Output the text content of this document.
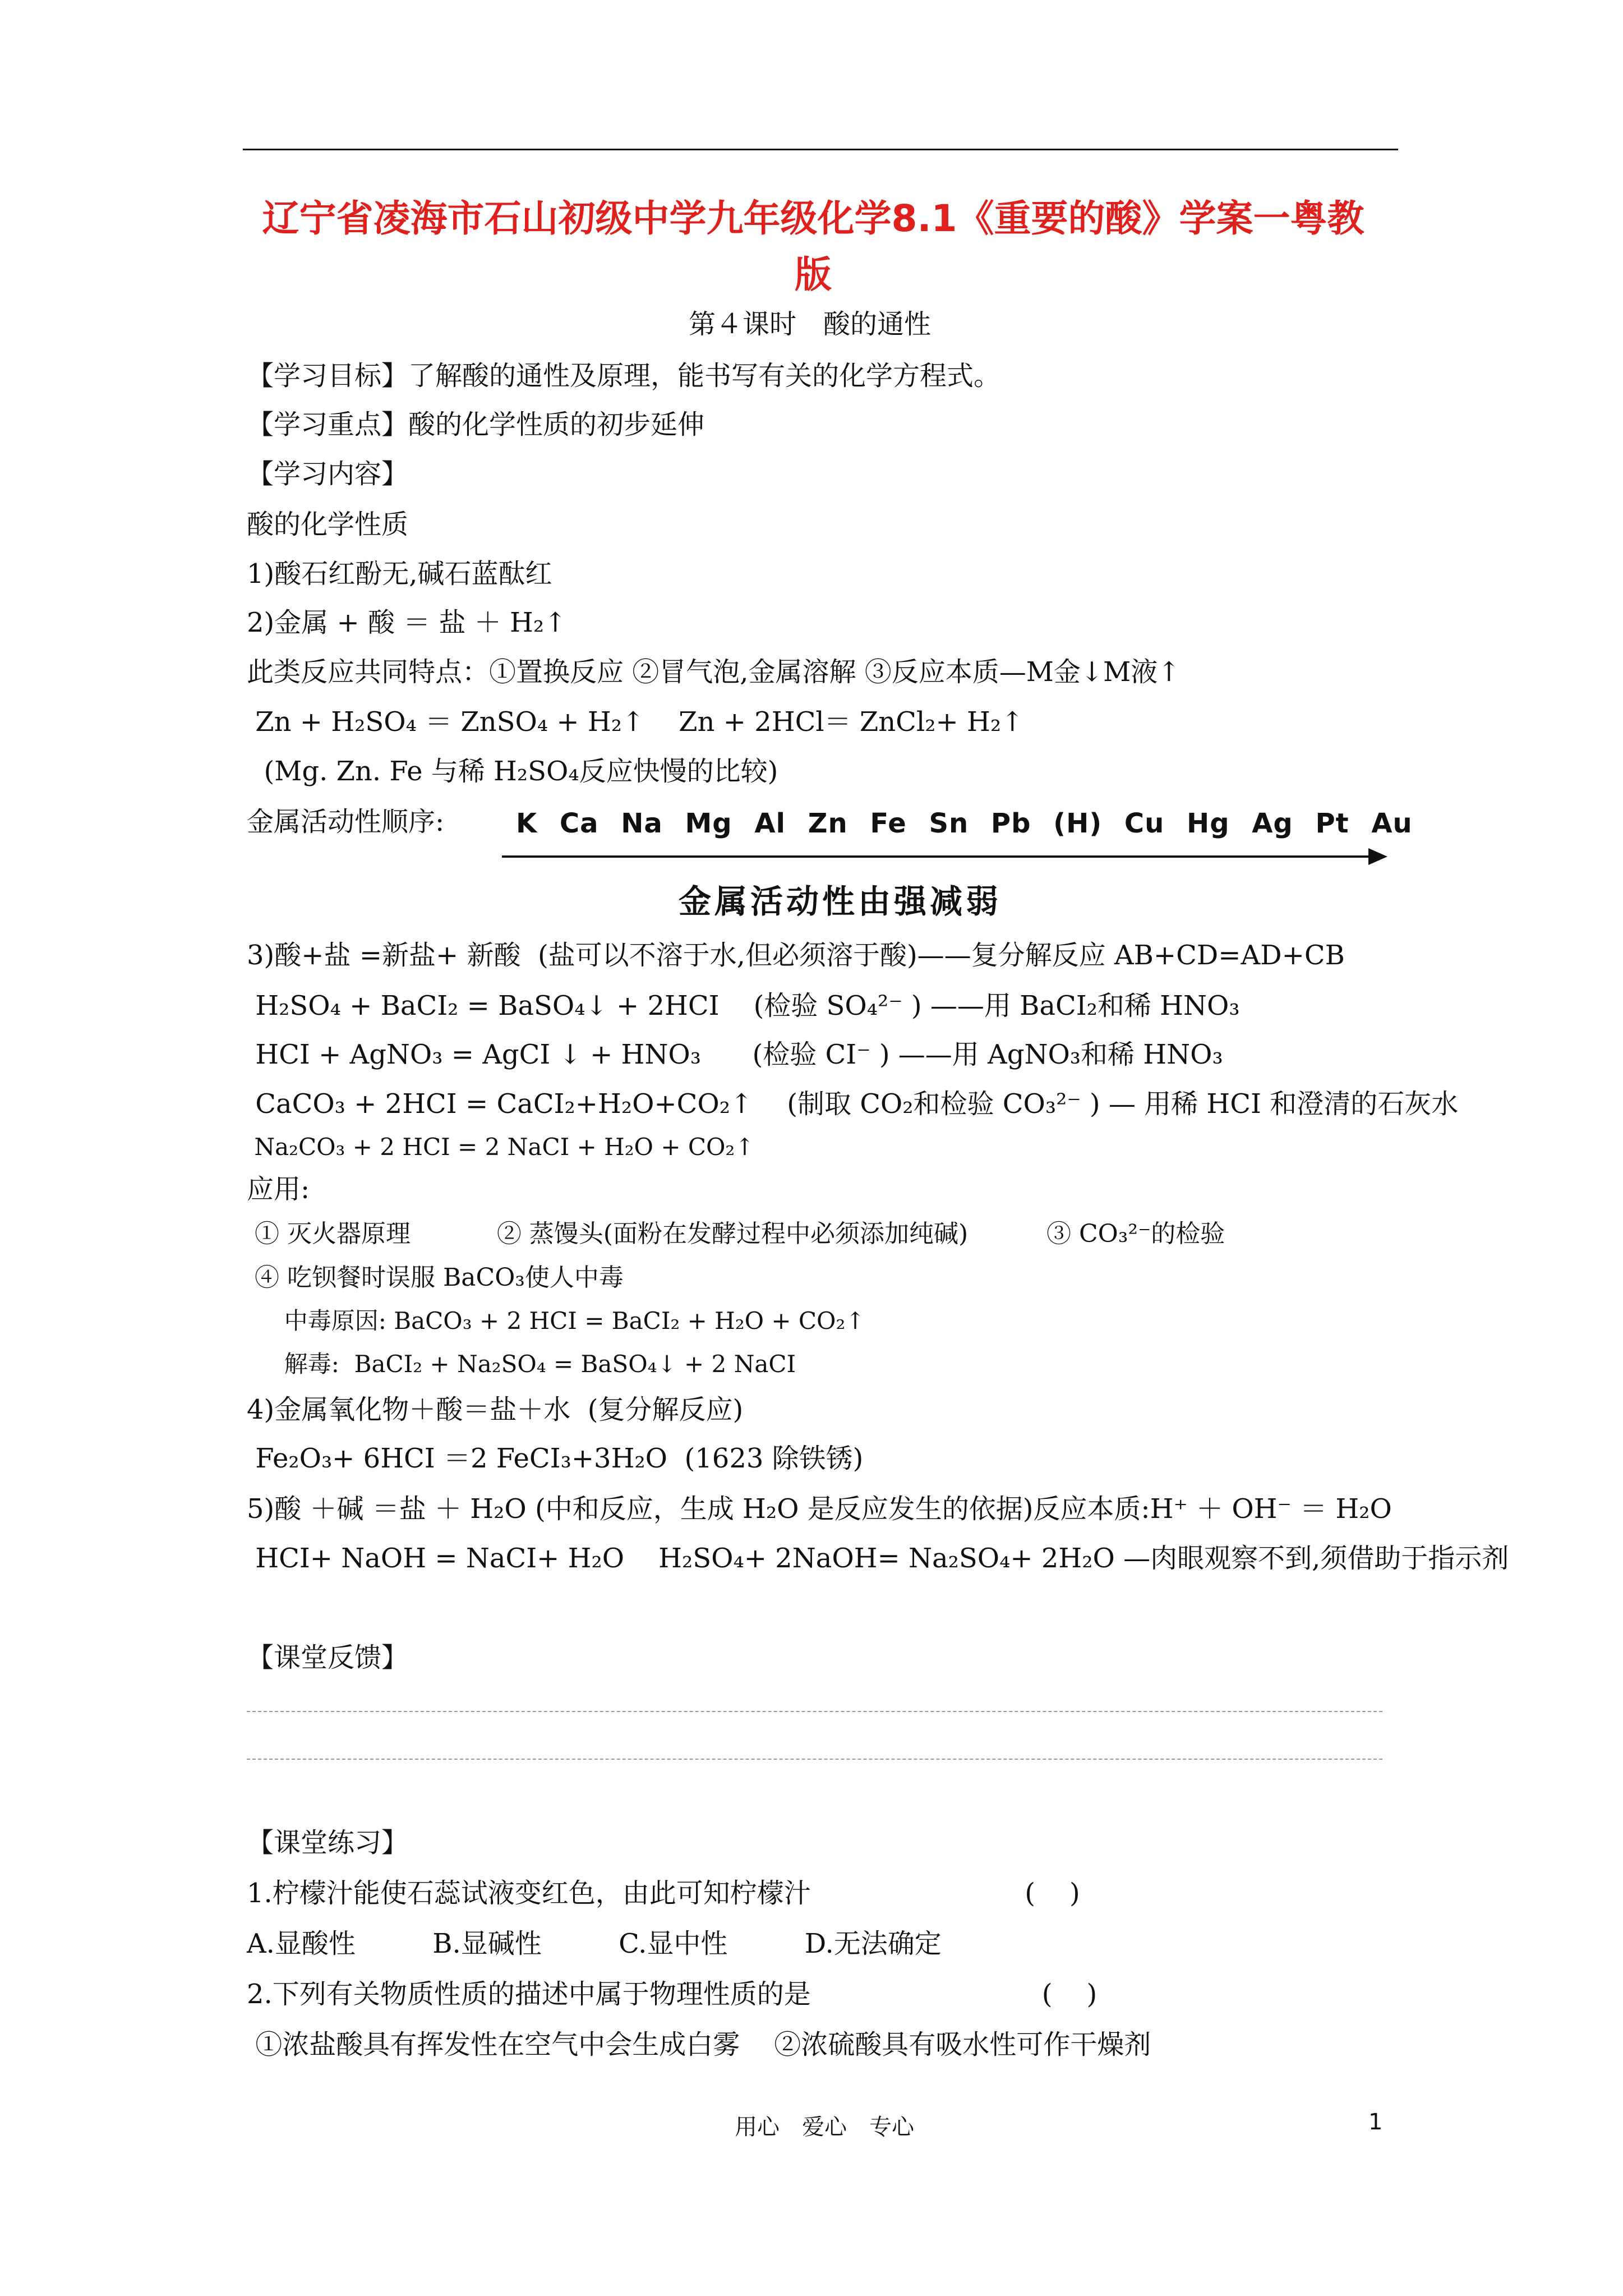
辽宁省凌海市石山初级中学九年级化学8.1《重要的酸》学案一粤教
版
第４课时　酸的通性
【学习目标】了解酸的通性及原理，能书写有关的化学方程式。
【学习重点】酸的化学性质的初步延伸
【学习内容】
酸的化学性质
1)酸石红酚无,碱石蓝酞红
2)金属 + 酸 ＝ 盐 ＋ H₂↑
此类反应共同特点：①置换反应 ②冒气泡,金属溶解 ③反应本质—M金↓M液↑
Zn + H₂SO₄ ＝ ZnSO₄ + H₂↑    Zn + 2HCl＝ ZnCl₂+ H₂↑
(Mg. Zn. Fe 与稀 H₂SO₄反应快慢的比较)
金属活动性顺序:	K Ca Na Mg Al Zn Fe Sn Pb (H) Cu Hg Ag Pt Au
金属活动性由强减弱
3)酸+盐 =新盐+ 新酸  (盐可以不溶于水,但必须溶于酸)——复分解反应 AB+CD=AD+CB
H₂SO₄ + BaCI₂ = BaSO₄↓ + 2HCI    (检验 SO₄²⁻ ) ——用 BaCI₂和稀 HNO₃
HCI + AgNO₃ = AgCI ↓ + HNO₃      (检验 CI⁻ ) ——用 AgNO₃和稀 HNO₃
CaCO₃ + 2HCI = CaCI₂+H₂O+CO₂↑    (制取 CO₂和检验 CO₃²⁻ ) — 用稀 HCI 和澄清的石灰水
Na₂CO₃ + 2 HCI = 2 NaCI + H₂O + CO₂↑
应用:
① 灭火器原理           ② 蒸馒头(面粉在发酵过程中必须添加纯碱)          ③ CO₃²⁻的检验
④ 吃钡餐时误服 BaCO₃使人中毒
中毒原因: BaCO₃ + 2 HCI = BaCI₂ + H₂O + CO₂↑
解毒:  BaCI₂ + Na₂SO₄ = BaSO₄↓ + 2 NaCI
4)金属氧化物＋酸＝盐＋水  (复分解反应)
Fe₂O₃+ 6HCI ＝2 FeCI₃+3H₂O  (1623 除铁锈)
5)酸 ＋碱 ＝盐 ＋ H₂O (中和反应，生成 H₂O 是反应发生的依据)反应本质:H⁺ ＋ OH⁻ ＝ H₂O
HCI+ NaOH = NaCI+ H₂O    H₂SO₄+ 2NaOH= Na₂SO₄+ 2H₂O —肉眼观察不到,须借助于指示剂
【课堂反馈】
【课堂练习】
1.柠檬汁能使石蕊试液变红色，由此可知柠檬汁                         (    )
A.显酸性         B.显碱性         C.显中性         D.无法确定
2.下列有关物质性质的描述中属于物理性质的是                           (    )
①浓盐酸具有挥发性在空气中会生成白雾    ②浓硫酸具有吸水性可作干燥剂
用心　爱心　专心	1
